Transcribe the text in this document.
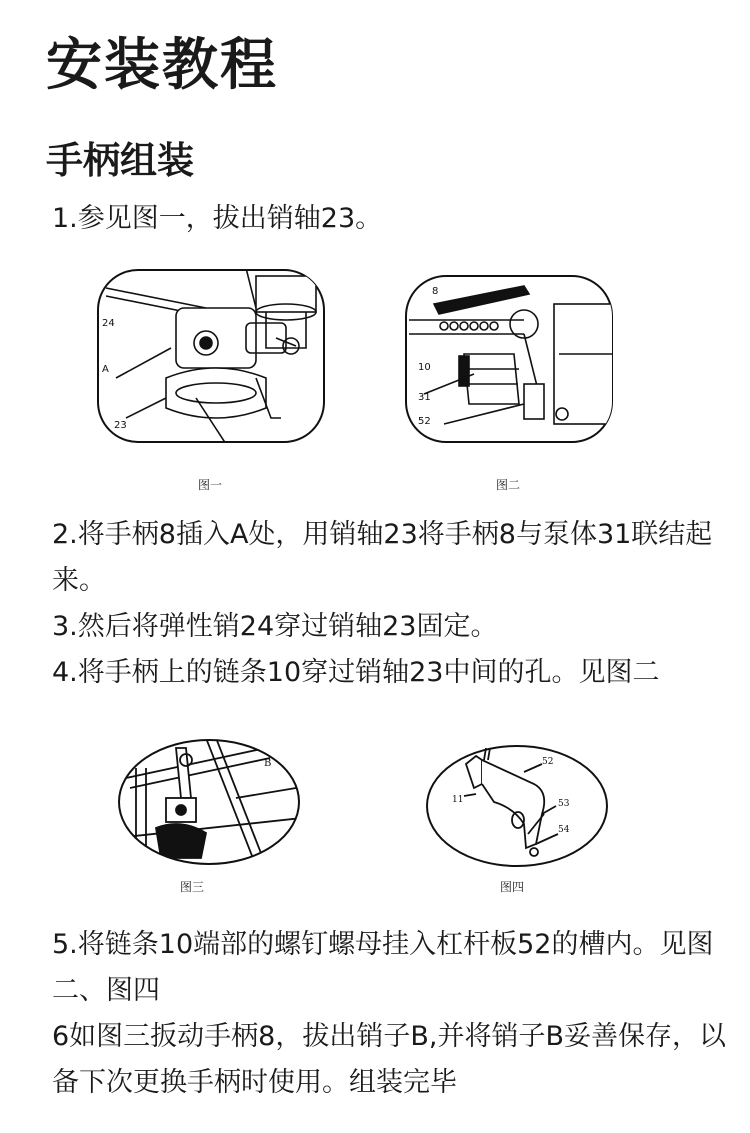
安装教程
手柄组装
1.参见图一，拔出销轴23。
24
A
23
图一
8
10
31
52
图二
2.将手柄8插入A处，用销轴23将手柄8与泵体31联结起来。
3.然后将弹性销24穿过销轴23固定。
4.将手柄上的链条10穿过销轴23中间的孔。见图二
B
图三
52
11	53
54
图四
5.将链条10端部的螺钉螺母挂入杠杆板52的槽内。见图二、图四
6如图三扳动手柄8，拔出销子B,并将销子B妥善保存，以备下次更换手柄时使用。组装完毕
